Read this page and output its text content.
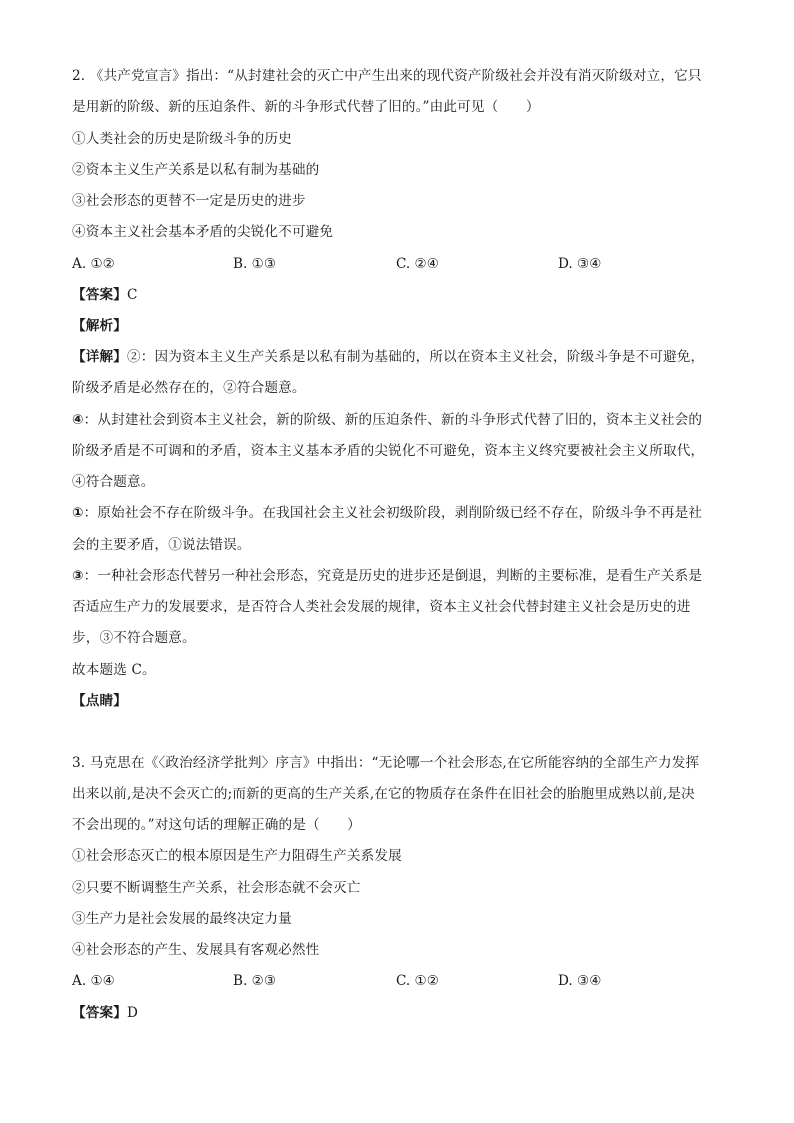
2. 《共产党宣言》指出：“从封建社会的灭亡中产生出来的现代资产阶级社会并没有消灭阶级对立，它只
是用新的阶级、新的压迫条件、新的斗争形式代替了旧的。”由此可见（　　）
①人类社会的历史是阶级斗争的历史
②资本主义生产关系是以私有制为基础的
③社会形态的更替不一定是历史的进步
④资本主义社会基本矛盾的尖锐化不可避免
A. ①②	B. ①③	C. ②④	D. ③④
【答案】C
【解析】
【详解】②：因为资本主义生产关系是以私有制为基础的，所以在资本主义社会，阶级斗争是不可避免，
阶级矛盾是必然存在的，②符合题意。
④：从封建社会到资本主义社会，新的阶级、新的压迫条件、新的斗争形式代替了旧的，资本主义社会的
阶级矛盾是不可调和的矛盾，资本主义基本矛盾的尖锐化不可避免，资本主义终究要被社会主义所取代，
④符合题意。
①：原始社会不存在阶级斗争。在我国社会主义社会初级阶段，剥削阶级已经不存在，阶级斗争不再是社
会的主要矛盾，①说法错误。
③：一种社会形态代替另一种社会形态，究竟是历史的进步还是倒退，判断的主要标准，是看生产关系是
否适应生产力的发展要求，是否符合人类社会发展的规律，资本主义社会代替封建主义社会是历史的进
步，③不符合题意。
故本题选 C。
【点睛】
3. 马克思在《〈政治经济学批判〉序言》中指出：“无论哪一个社会形态,在它所能容纳的全部生产力发挥
出来以前,是决不会灭亡的;而新的更高的生产关系,在它的物质存在条件在旧社会的胎胞里成熟以前,是决
不会出现的。”对这句话的理解正确的是（　　）
①社会形态灭亡的根本原因是生产力阻碍生产关系发展
②只要不断调整生产关系，社会形态就不会灭亡
③生产力是社会发展的最终决定力量
④社会形态的产生、发展具有客观必然性
A. ①④	B. ②③	C. ①②	D. ③④
【答案】D
